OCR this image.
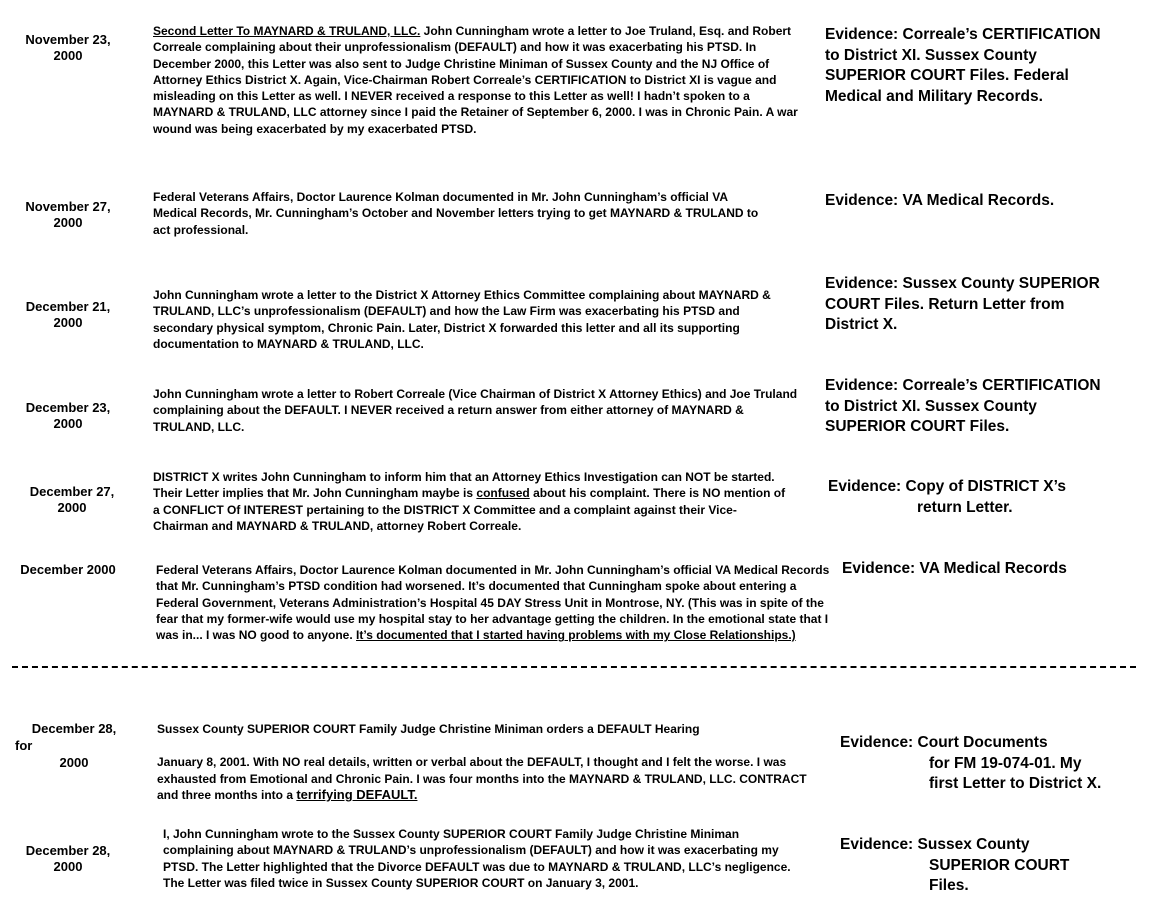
November 23,
2000
Second Letter To MAYNARD & TRULAND, LLC. John Cunningham wrote a letter to Joe Truland, Esq. and Robert Correale complaining about their unprofessionalism (DEFAULT) and how it was exacerbating his PTSD. In December 2000, this Letter was also sent to Judge Christine Miniman of Sussex County and the NJ Office of Attorney Ethics District X. Again, Vice-Chairman Robert Correale’s CERTIFICATION to District XI is vague and misleading on this Letter as well. I NEVER received a response to this Letter as well! I hadn’t spoken to a MAYNARD & TRULAND, LLC attorney since I paid the Retainer of September 6, 2000. I was in Chronic Pain. A war wound was being exacerbated by my exacerbated PTSD.
Evidence: Correale’s CERTIFICATION
to District XI. Sussex County
SUPERIOR COURT Files. Federal
Medical and Military Records.
November 27,
2000
Federal Veterans Affairs, Doctor Laurence Kolman documented in Mr. John Cunningham’s official VA Medical Records, Mr. Cunningham’s October and November letters trying to get MAYNARD & TRULAND to act professional.
Evidence: VA Medical Records.
December 21,
2000
John Cunningham wrote a letter to the District X Attorney Ethics Committee complaining about MAYNARD & TRULAND, LLC’s unprofessionalism (DEFAULT) and how the Law Firm was exacerbating his PTSD and secondary physical symptom, Chronic Pain. Later, District X forwarded this letter and all its supporting documentation to MAYNARD & TRULAND, LLC.
Evidence: Sussex County SUPERIOR
COURT Files. Return Letter from
District X.
December 23,
2000
John Cunningham wrote a letter to Robert Correale (Vice Chairman of District X Attorney Ethics) and Joe Truland complaining about the DEFAULT. I NEVER received a return answer from either attorney of MAYNARD & TRULAND, LLC.
Evidence: Correale’s CERTIFICATION
to District XI. Sussex County
SUPERIOR COURT Files.
December 27,
2000
DISTRICT X writes John Cunningham to inform him that an Attorney Ethics Investigation can NOT be started. Their Letter implies that Mr. John Cunningham maybe is confused about his complaint. There is NO mention of a CONFLICT Of INTEREST pertaining to the DISTRICT X Committee and a complaint against their Vice-Chairman and MAYNARD & TRULAND, attorney Robert Correale.
Evidence: Copy of DISTRICT X’s
return Letter.
December 2000	Federal Veterans Affairs, Doctor Laurence Kolman documented in Mr. John Cunningham’s official VA Medical Records that Mr. Cunningham’s PTSD condition had worsened. It’s documented that Cunningham spoke about entering a Federal Government, Veterans Administration’s Hospital 45 DAY Stress Unit in Montrose, NY. (This was in spite of the fear that my former-wife would use my hospital stay to her advantage getting the children. In the emotional state that I was in... I was NO good to anyone. It’s documented that I started having problems with my Close Relationships.)
Evidence: VA Medical Records
December 28,
for
2000
Sussex County SUPERIOR COURT Family Judge Christine Miniman orders a DEFAULT Hearing
January 8, 2001. With NO real details, written or verbal about the DEFAULT, I thought and I felt the worse. I was exhausted from Emotional and Chronic Pain. I was four months into the MAYNARD & TRULAND, LLC. CONTRACT and three months into a terrifying DEFAULT.
Evidence: Court Documents
for FM 19-074-01. My
first Letter to District X.
December 28,
2000
I, John Cunningham wrote to the Sussex County SUPERIOR COURT Family Judge Christine Miniman complaining about MAYNARD & TRULAND’s unprofessionalism (DEFAULT) and how it was exacerbating my PTSD. The Letter highlighted that the Divorce DEFAULT was due to MAYNARD & TRULAND, LLC’s negligence. The Letter was filed twice in Sussex County SUPERIOR COURT on January 3, 2001.
Evidence: Sussex County
SUPERIOR COURT
Files.
